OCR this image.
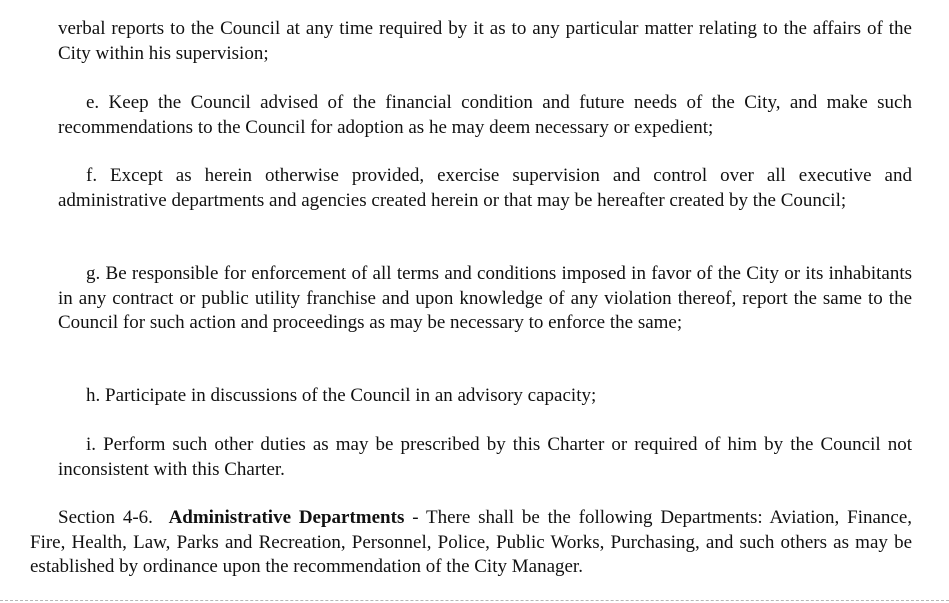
verbal reports to the Council at any time required by it as to any particular matter relating to the affairs of the City within his supervision;

e. Keep the Council advised of the financial condition and future needs of the City, and make such recommendations to the Council for adoption as he may deem necessary or expedient;

f. Except as herein otherwise provided, exercise supervision and control over all executive and administrative departments and agencies created herein or that may be hereafter created by the Council;

g. Be responsible for enforcement of all terms and conditions imposed in favor of the City or its inhabitants in any contract or public utility franchise and upon knowledge of any violation thereof, report the same to the Council for such action and proceedings as may be necessary to enforce the same;

h. Participate in discussions of the Council in an advisory capacity;

i. Perform such other duties as may be prescribed by this Charter or required of him by the Council not inconsistent with this Charter.

Section 4-6. Administrative Departments - There shall be the following Departments: Aviation, Finance, Fire, Health, Law, Parks and Recreation, Personnel, Police, Public Works, Purchasing, and such others as may be established by ordinance upon the recommendation of the City Manager.
